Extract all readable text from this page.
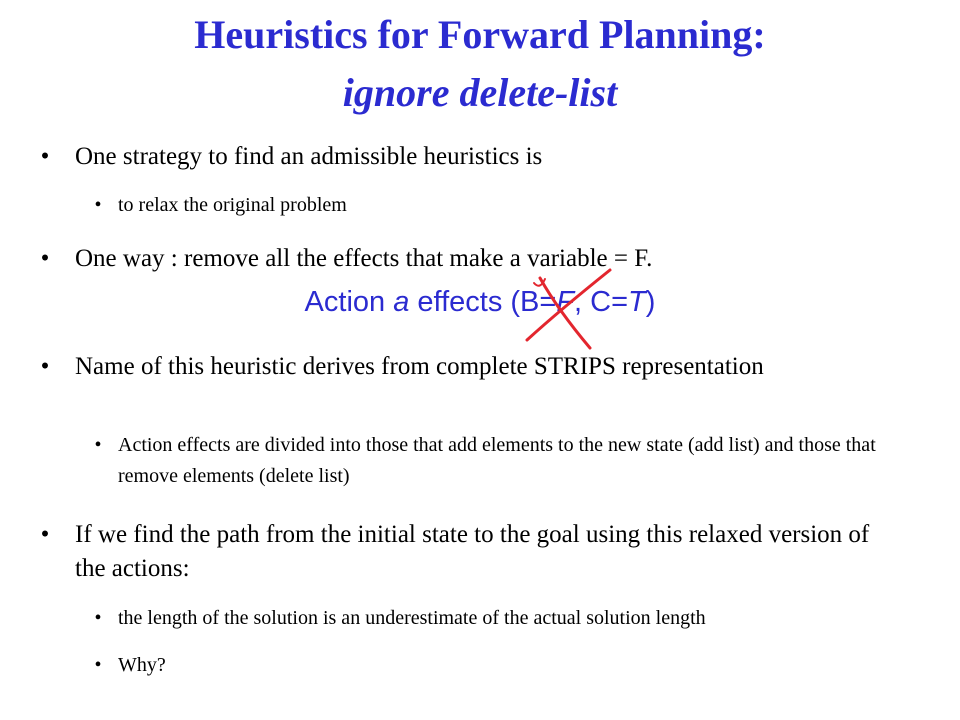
Heuristics for Forward Planning:
ignore delete-list
• One strategy to find an admissible heuristics is
• to relax the original problem
• One way : remove all the effects that make a variable = F.
Action a effects (B=F, C=T)
• Name of this heuristic derives from complete STRIPS representation
• Action effects are divided into those that add elements to the new state (add list) and those that remove elements (delete list)
• If we find the path from the initial state to the goal using this relaxed version of the actions:
• the length of the solution is an underestimate of the actual solution length
• Why?
